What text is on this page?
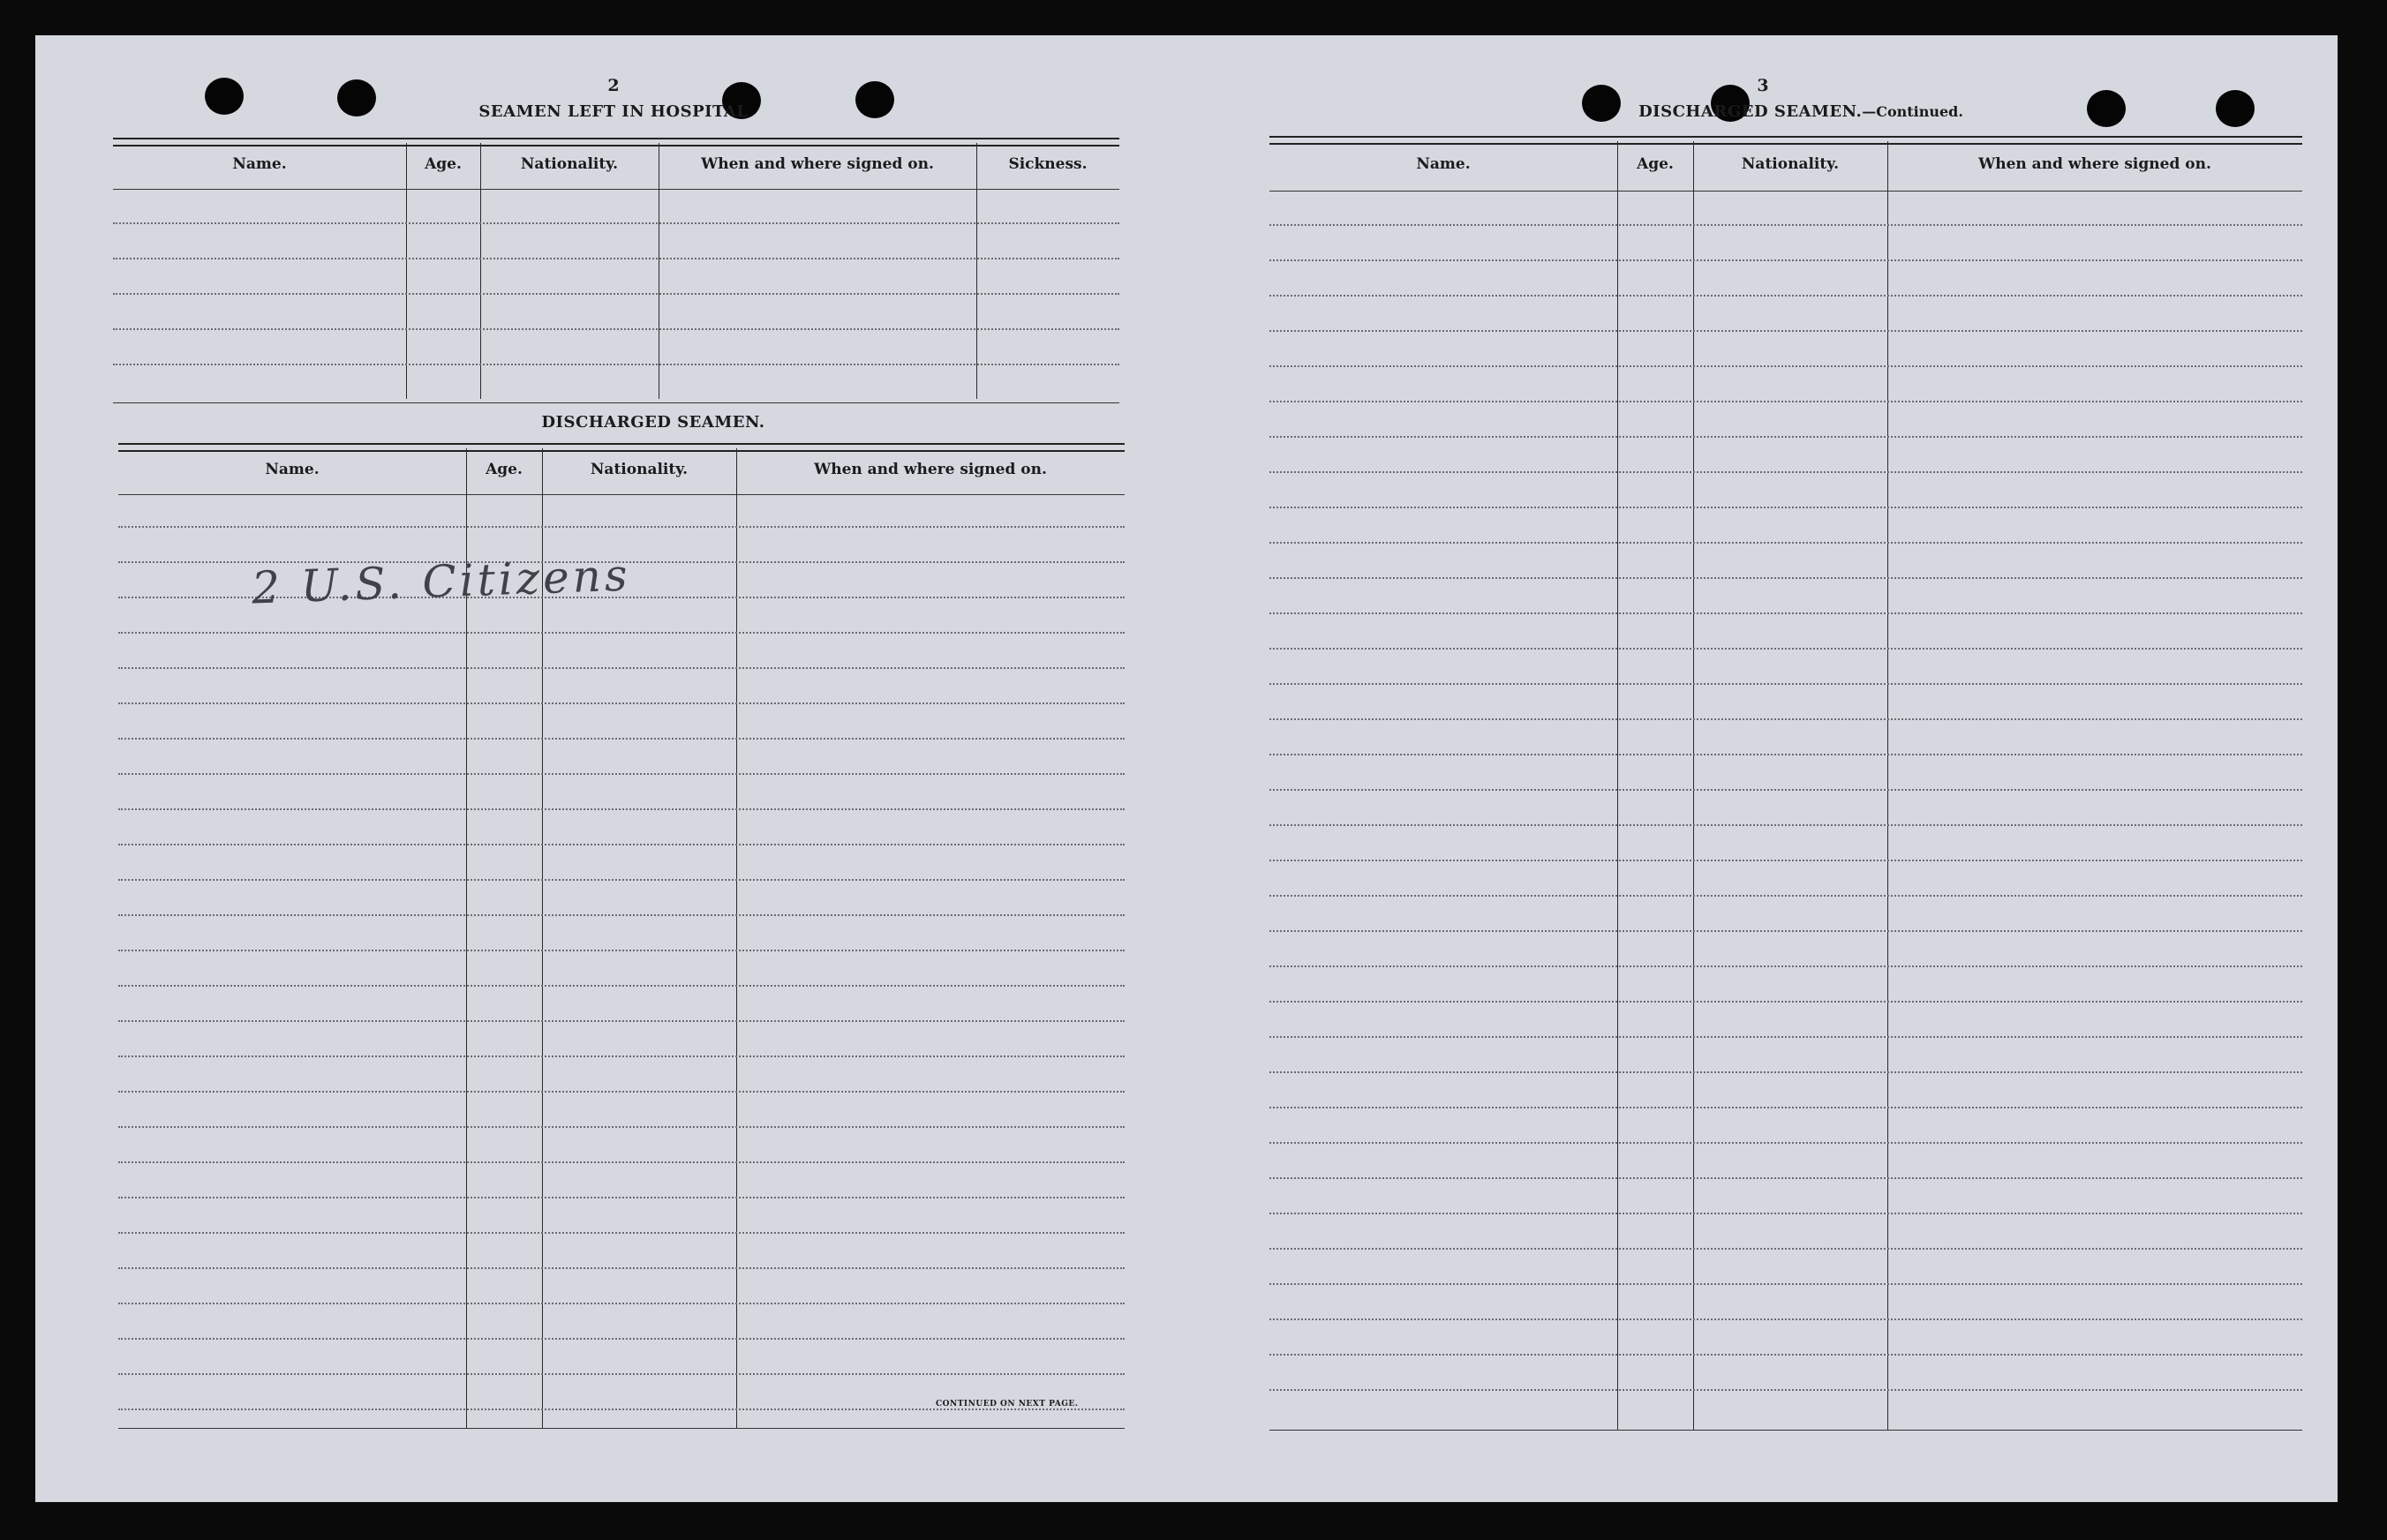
2
SEAMEN LEFT IN HOSPITAL
Name.	Age.	Nationality.	When and where signed on.	Sickness.
DISCHARGED SEAMEN.
Name.	Age.	Nationality.	When and where signed on.
2 U.S. Citizens
CONTINUED ON NEXT PAGE.
3
DISCHARGED SEAMEN.—Continued.
Name.	Age.	Nationality.	When and where signed on.
